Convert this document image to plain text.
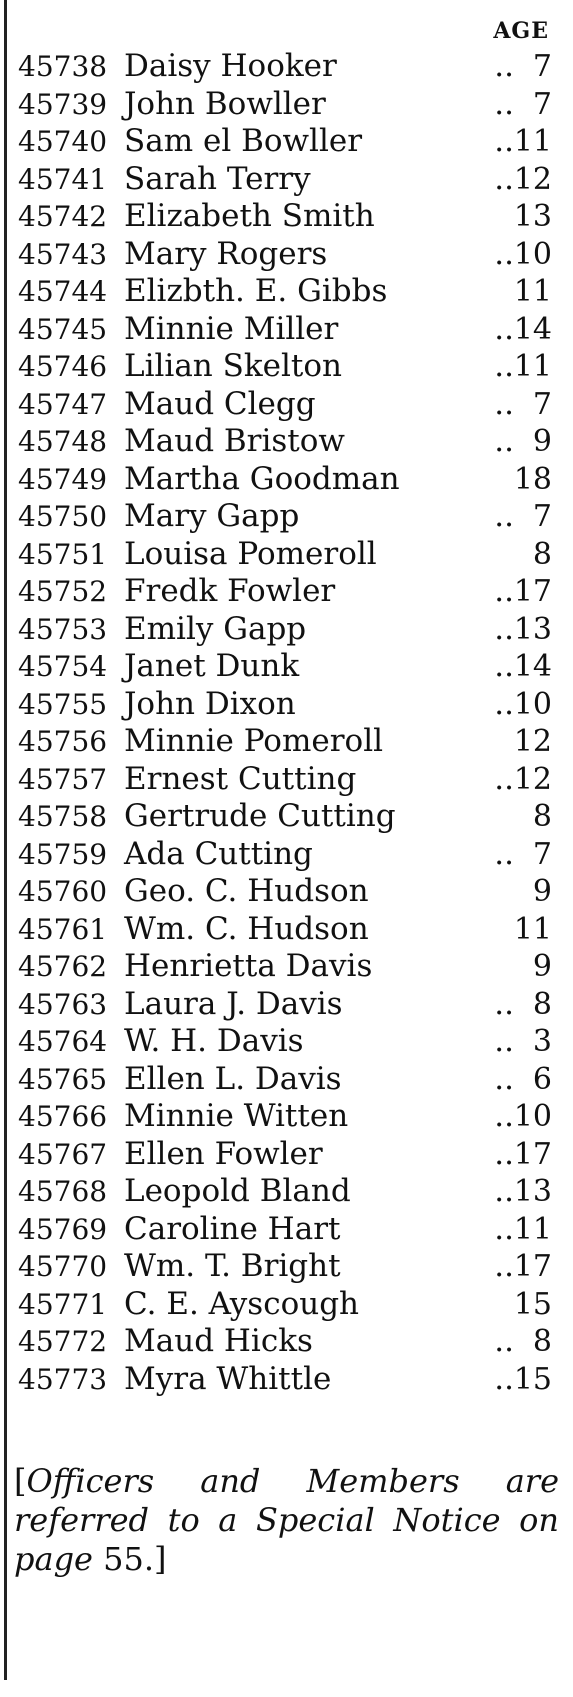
AGE
45738 Daisy Hooker	.. 7
45739 John Bowller	.. 7
45740 Sam el Bowller	.. 11
45741 Sarah Terry	.. 12
45742 Elizabeth Smith	13
45743 Mary Rogers	.. 10
45744 Elizbth. E. Gibbs	11
45745 Minnie Miller	.. 14
45746 Lilian Skelton	.. 11
45747 Maud Clegg	.. 7
45748 Maud Bristow	.. 9
45749 Martha Goodman	18
45750 Mary Gapp	.. 7
45751 Louisa Pomeroll	8
45752 Fredk Fowler	.. 17
45753 Emily Gapp	.. 13
45754 Janet Dunk	.. 14
45755 John Dixon	.. 10
45756 Minnie Pomeroll	12
45757 Ernest Cutting	.. 12
45758 Gertrude Cutting	8
45759 Ada Cutting	.. 7
45760 Geo. C. Hudson	9
45761 Wm. C. Hudson	11
45762 Henrietta Davis	9
45763 Laura J. Davis	.. 8
45764 W. H. Davis	.. 3
45765 Ellen L. Davis	.. 6
45766 Minnie Witten	.. 10
45767 Ellen Fowler	.. 17
45768 Leopold Bland	.. 13
45769 Caroline Hart	.. 11
45770 Wm. T. Bright	.. 17
45771 C. E. Ayscough	15
45772 Maud Hicks	.. 8
45773 Myra Whittle	.. 15
[Officers and Members are referred to a Special Notice on page 55.]
